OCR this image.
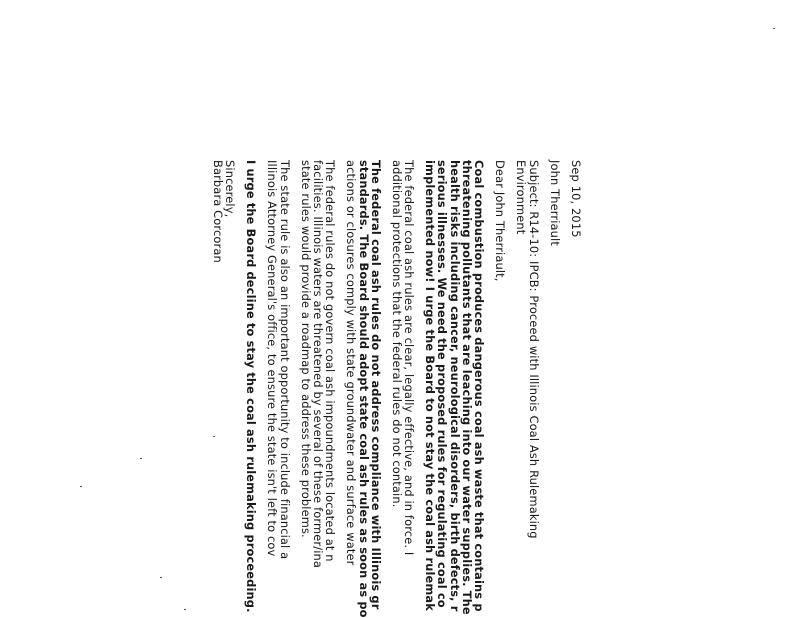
Sep 10, 2015
John Therriault
Subject: R14-10: IPCB: Proceed with Illinois Coal Ash Rulemaking
Environment
Dear John Therriault,
Coal combustion produces dangerous coal ash waste that contains p
threatening pollutants that are leaching into our water supplies. The
health risks including cancer, neurological disorders, birth defects, r
serious illnesses. We need the proposed rules for regulating coal co
implemented now! I urge the Board to not stay the coal ash rulemak
The federal coal ash rules are clear, legally effective, and in force. I
additional protections that the federal rules do not contain.
The federal coal ash rules do not address compliance with Illinois gr
standards. The Board should adopt state coal ash rules as soon as po
actions or closures comply with state groundwater and surface water
The federal rules do not govern coal ash impoundments located at n
facilities. Illinois waters are threatened by several of these former/ina
state rules would provide a roadmap to address these problems.
The state rule is also an important opportunity to include financial a
Illinois Attorney General's office, to ensure the state isn't left to cov
I urge the Board decline to stay the coal ash rulemaking proceeding.
Sincerely,
Barbara Corcoran
